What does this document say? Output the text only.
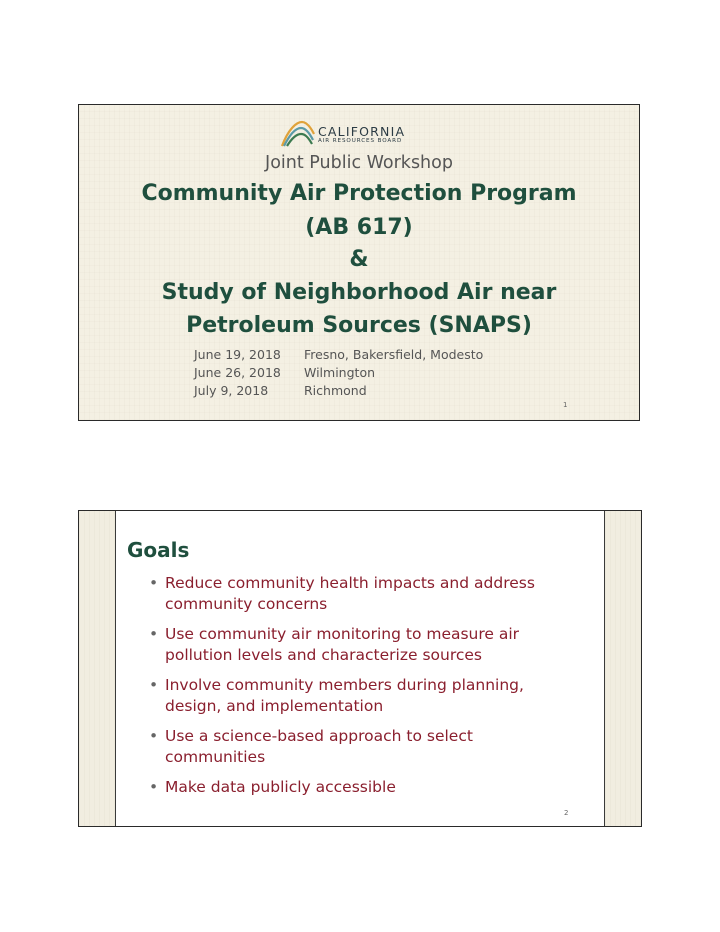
CALIFORNIA
AIR RESOURCES BOARD
Joint Public Workshop
Community Air Protection Program
(AB 617)
&
Study of Neighborhood Air near
Petroleum Sources (SNAPS)
June 19, 2018 Fresno, Bakersfield, Modesto
June 26, 2018 Wilmington
July 9, 2018	Richmond
1
Goals
• Reduce community health impacts and address community concerns
• Use community air monitoring to measure air pollution levels and characterize sources
• Involve community members during planning, design, and implementation
• Use a science-based approach to select communities
• Make data publicly accessible
2
